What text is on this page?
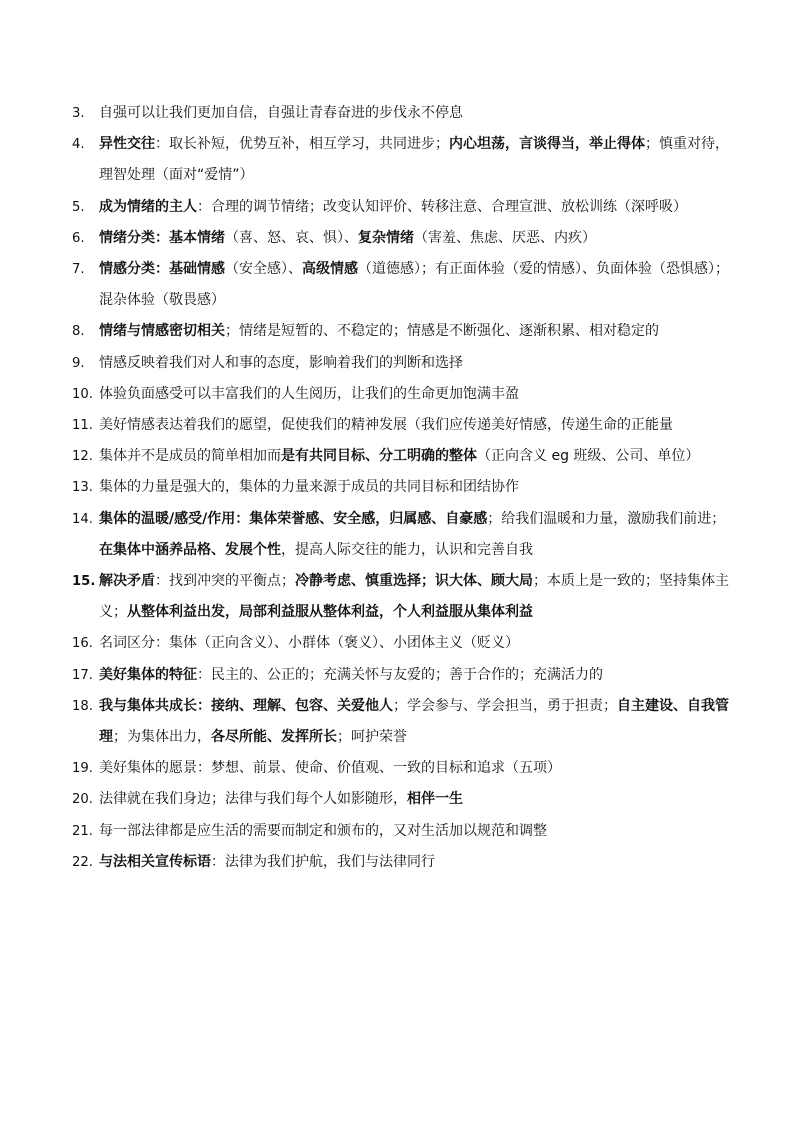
3.	自强可以让我们更加自信，自强让青春奋进的步伐永不停息
4.	异性交往：取长补短，优势互补，相互学习，共同进步；内心坦荡，言谈得当，举止得体；慎重对待，理智处理（面对“爱情”）
5.	成为情绪的主人：合理的调节情绪；改变认知评价、转移注意、合理宣泄、放松训练（深呼吸）
6.	情绪分类：基本情绪（喜、怒、哀、惧）、复杂情绪（害羞、焦虑、厌恶、内疚）
7.	情感分类：基础情感（安全感）、高级情感（道德感）；有正面体验（爱的情感）、负面体验（恐惧感）；混杂体验（敬畏感）
8.	情绪与情感密切相关；情绪是短暂的、不稳定的；情感是不断强化、逐渐积累、相对稳定的
9.	情感反映着我们对人和事的态度，影响着我们的判断和选择
10. 体验负面感受可以丰富我们的人生阅历，让我们的生命更加饱满丰盈
11. 美好情感表达着我们的愿望，促使我们的精神发展（我们应传递美好情感，传递生命的正能量
12. 集体并不是成员的简单相加而是有共同目标、分工明确的整体（正向含义 eg 班级、公司、单位）
13. 集体的力量是强大的，集体的力量来源于成员的共同目标和团结协作
14. 集体的温暖/感受/作用：集体荣誉感、安全感，归属感、自豪感；给我们温暖和力量，激励我们前进；在集体中涵养品格、发展个性，提高人际交往的能力，认识和完善自我
15. 解决矛盾：找到冲突的平衡点；冷静考虑、慎重选择；识大体、顾大局；本质上是一致的；坚持集体主义；从整体利益出发，局部利益服从整体利益，个人利益服从集体利益
16. 名词区分：集体（正向含义）、小群体（褒义）、小团体主义（贬义）
17. 美好集体的特征：民主的、公正的；充满关怀与友爱的；善于合作的；充满活力的
18. 我与集体共成长：接纳、理解、包容、关爱他人；学会参与、学会担当，勇于担责；自主建设、自我管理；为集体出力，各尽所能、发挥所长；呵护荣誉
19. 美好集体的愿景：梦想、前景、使命、价值观、一致的目标和追求（五项）
20. 法律就在我们身边；法律与我们每个人如影随形，相伴一生
21. 每一部法律都是应生活的需要而制定和颁布的，又对生活加以规范和调整
22. 与法相关宣传标语：法律为我们护航，我们与法律同行
